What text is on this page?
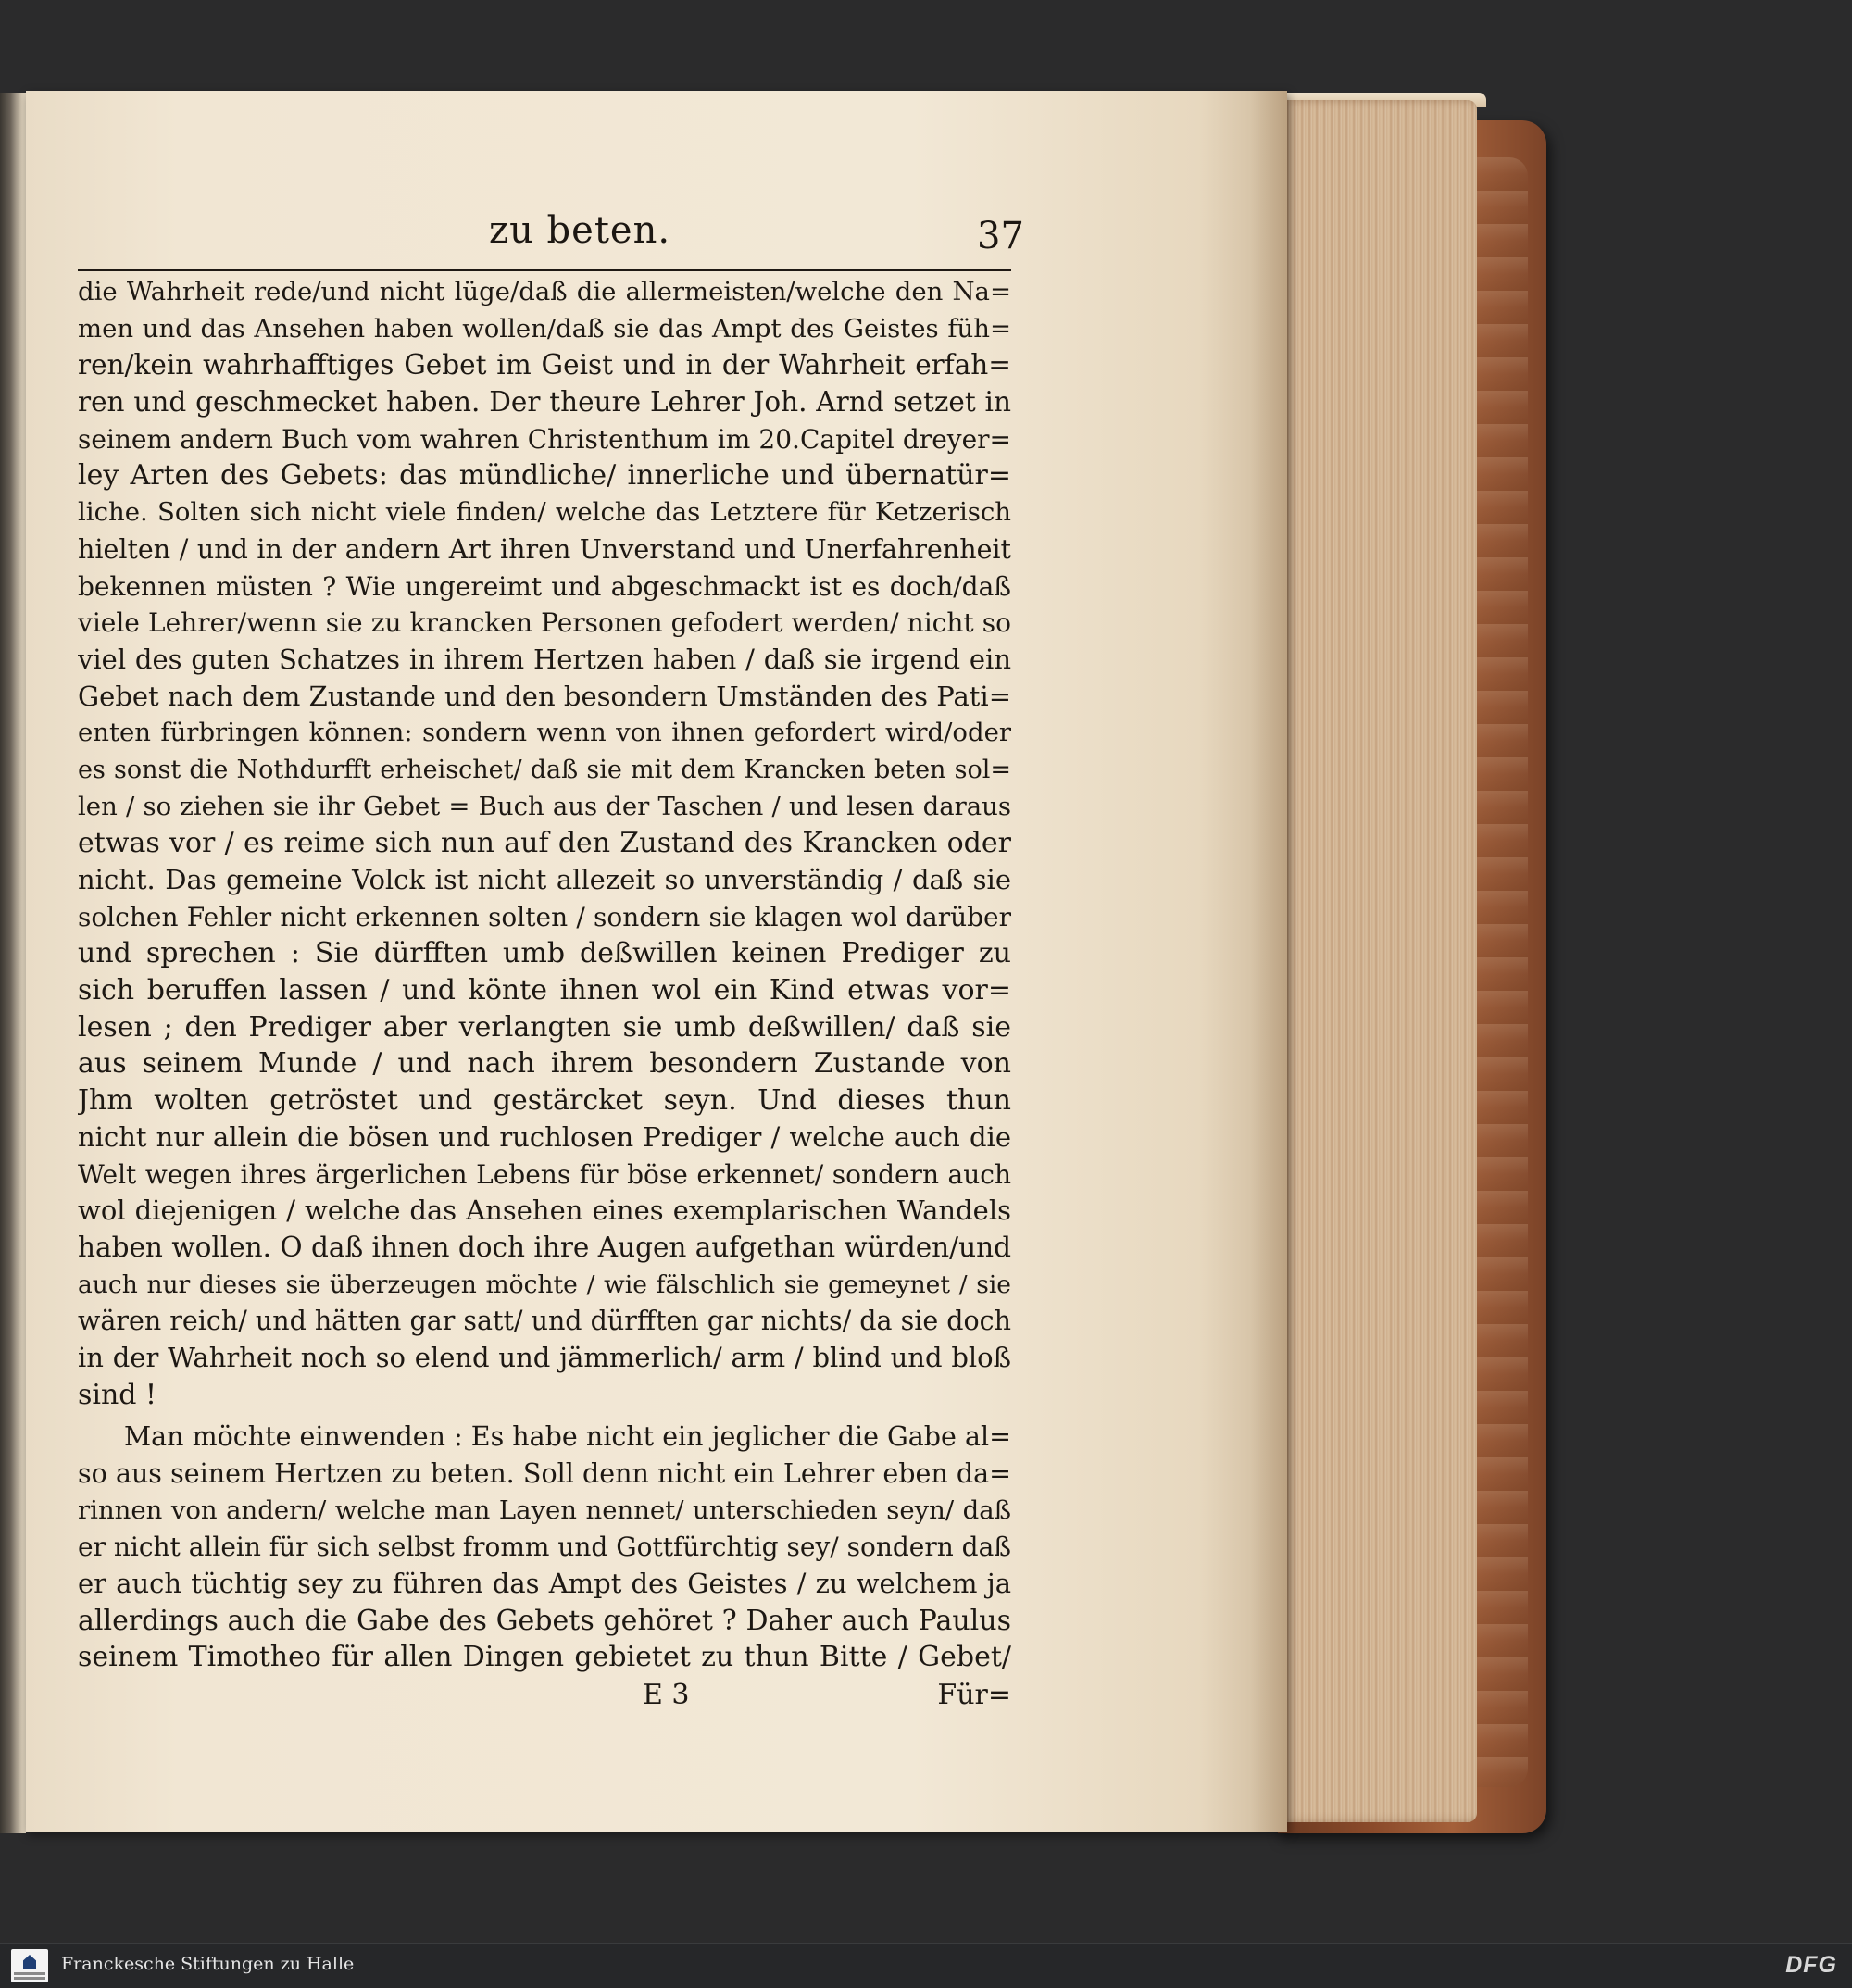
zu beten.	37
die Wahrheit rede/und nicht lüge/daß die allermeisten/welche den Na=
men und das Ansehen haben wollen/daß sie das Ampt des Geistes füh=
ren/kein wahrhafftiges Gebet im Geist und in der Wahrheit erfah=
ren und geschmecket haben. Der theure Lehrer Joh. Arnd setzet in
seinem andern Buch vom wahren Christenthum im 20.Capitel dreyer=
ley Arten des Gebets: das mündliche/ innerliche und übernatür=
liche. Solten sich nicht viele finden/ welche das Letztere für Ketzerisch
hielten / und in der andern Art ihren Unverstand und Unerfahrenheit
bekennen müsten ? Wie ungereimt und abgeschmackt ist es doch/daß
viele Lehrer/wenn sie zu krancken Personen gefodert werden/ nicht so
viel des guten Schatzes in ihrem Hertzen haben / daß sie irgend ein
Gebet nach dem Zustande und den besondern Umständen des Pati=
enten fürbringen können: sondern wenn von ihnen gefordert wird/oder
es sonst die Nothdurfft erheischet/ daß sie mit dem Krancken beten sol=
len / so ziehen sie ihr Gebet = Buch aus der Taschen / und lesen daraus
etwas vor / es reime sich nun auf den Zustand des Krancken oder
nicht. Das gemeine Volck ist nicht allezeit so unverständig / daß sie
solchen Fehler nicht erkennen solten / sondern sie klagen wol darüber
und sprechen : Sie dürfften umb deßwillen keinen Prediger zu
sich beruffen lassen / und könte ihnen wol ein Kind etwas vor=
lesen ; den Prediger aber verlangten sie umb deßwillen/ daß sie
aus seinem Munde / und nach ihrem besondern Zustande von
Jhm wolten getröstet und gestärcket seyn. Und dieses thun
nicht nur allein die bösen und ruchlosen Prediger / welche auch die
Welt wegen ihres ärgerlichen Lebens für böse erkennet/ sondern auch
wol diejenigen / welche das Ansehen eines exemplarischen Wandels
haben wollen. O daß ihnen doch ihre Augen aufgethan würden/und
auch nur dieses sie überzeugen möchte / wie fälschlich sie gemeynet / sie
wären reich/ und hätten gar satt/ und dürfften gar nichts/ da sie doch
in der Wahrheit noch so elend und jämmerlich/ arm / blind und bloß
sind !
Man möchte einwenden : Es habe nicht ein jeglicher die Gabe al=
so aus seinem Hertzen zu beten. Soll denn nicht ein Lehrer eben da=
rinnen von andern/ welche man Layen nennet/ unterschieden seyn/ daß
er nicht allein für sich selbst fromm und Gottfürchtig sey/ sondern daß
er auch tüchtig sey zu führen das Ampt des Geistes / zu welchem ja
allerdings auch die Gabe des Gebets gehöret ? Daher auch Paulus
seinem Timotheo für allen Dingen gebietet zu thun Bitte / Gebet/
E 3	Für=
Franckesche Stiftungen zu Halle	DFG
